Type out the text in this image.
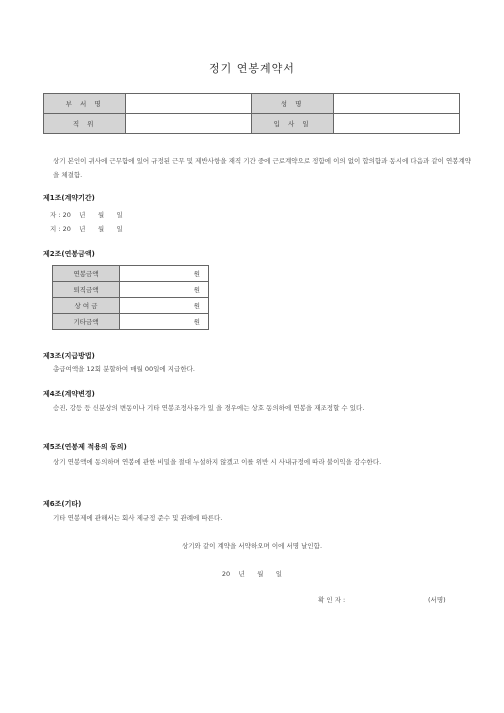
정기 연봉계약서
부 서 명		성 명	
직 위		입 사 일	
상기 본인이 귀사에 근무함에 있어 규정된 근무 및 제반사항을 재직 기간 중에 근로계약으로 정함에 이의 없이 합의함과 동시에 다음과 같이 연봉계약을 체결함.
제1조(계약기간)
자 : 20    년      월      일
지 : 20    년      월      일
제2조(연봉금액)
연봉금액	원
퇴직금액	원
상 여 금	원
기타금액	원
제3조(지급방법)
총급여액을 12회 분할하여 매월 00일에 지급한다.
제4조(계약변경)
승진, 강등 등 신분상의 변동이나 기타 연봉조정사유가 있 을 경우에는 상호 동의하에 연봉을 재조정할 수 있다.
제5조(연봉제 적용의 동의)
상기 연봉액에 동의하며 연봉에 관한 비밀을 절대 누설하지 않겠고 이를 위반 시 사내규정에 따라 불이익을 감수한다.
제6조(기타)
기타 연봉제에 관해서는 회사 제규정 준수 및 관례에 따른다.
상기와 같이 계약을 서약하오며 이에 서명 날인함.
20    년      월      일
확 인 자 :	(서명)
